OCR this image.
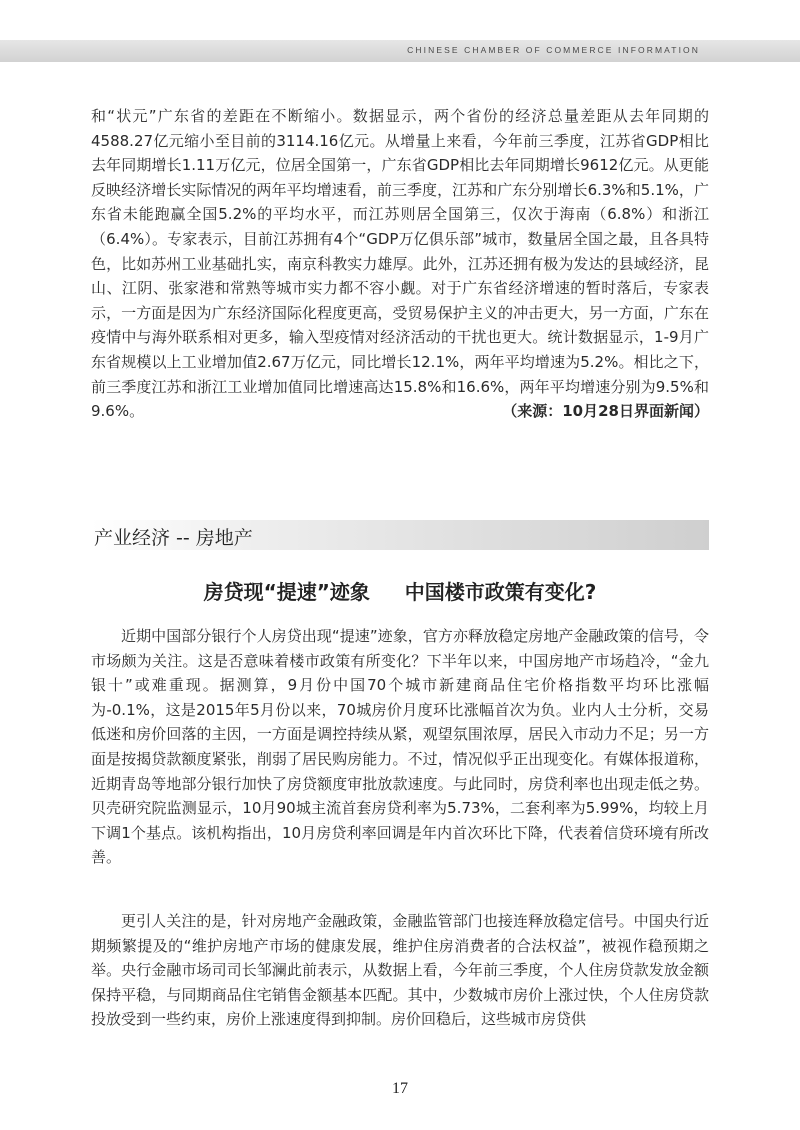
CHINESE CHAMBER OF COMMERCE INFORMATION

和“状元”广东省的差距在不断缩小。数据显示，两个省份的经济总量差距从去年同期的4588.27亿元缩小至目前的3114.16亿元。从增量上来看，今年前三季度，江苏省GDP相比去年同期增长1.11万亿元，位居全国第一，广东省GDP相比去年同期增长9612亿元。从更能反映经济增长实际情况的两年平均增速看，前三季度，江苏和广东分别增长6.3%和5.1%，广东省未能跑赢全国5.2%的平均水平，而江苏则居全国第三，仅次于海南（6.8%）和浙江（6.4%）。专家表示，目前江苏拥有4个“GDP万亿俱乐部”城市，数量居全国之最，且各具特色，比如苏州工业基础扎实，南京科教实力雄厚。此外，江苏还拥有极为发达的县域经济，昆山、江阴、张家港和常熟等城市实力都不容小觑。对于广东省经济增速的暂时落后，专家表示，一方面是因为广东经济国际化程度更高，受贸易保护主义的冲击更大，另一方面，广东在疫情中与海外联系相对更多，输入型疫情对经济活动的干扰也更大。统计数据显示，1-9月广东省规模以上工业增加值2.67万亿元，同比增长12.1%，两年平均增速为5.2%。相比之下，前三季度江苏和浙江工业增加值同比增速高达15.8%和16.6%，两年平均增速分别为9.5%和9.6%。	（来源：10月28日界面新闻）

产业经济 -- 房地产
房贷现“提速”迹象     中国楼市政策有变化?

近期中国部分银行个人房贷出现“提速”迹象，官方亦释放稳定房地产金融政策的信号，令市场颇为关注。这是否意味着楼市政策有所变化？下半年以来，中国房地产市场趋冷，“金九银十”或难重现。据测算，9月份中国70个城市新建商品住宅价格指数平均环比涨幅为-0.1%，这是2015年5月份以来，70城房价月度环比涨幅首次为负。业内人士分析，交易低迷和房价回落的主因，一方面是调控持续从紧，观望氛围浓厚，居民入市动力不足；另一方面是按揭贷款额度紧张，削弱了居民购房能力。不过，情况似乎正出现变化。有媒体报道称，近期青岛等地部分银行加快了房贷额度审批放款速度。与此同时，房贷利率也出现走低之势。贝壳研究院监测显示，10月90城主流首套房贷利率为5.73%，二套利率为5.99%，均较上月下调1个基点。该机构指出，10月房贷利率回调是年内首次环比下降，代表着信贷环境有所改善。

更引人关注的是，针对房地产金融政策，金融监管部门也接连释放稳定信号。中国央行近期频繁提及的“维护房地产市场的健康发展，维护住房消费者的合法权益”，被视作稳预期之举。央行金融市场司司长邹澜此前表示，从数据上看，今年前三季度，个人住房贷款发放金额保持平稳，与同期商品住宅销售金额基本匹配。其中，少数城市房价上涨过快，个人住房贷款投放受到一些约束，房价上涨速度得到抑制。房价回稳后，这些城市房贷供

17
